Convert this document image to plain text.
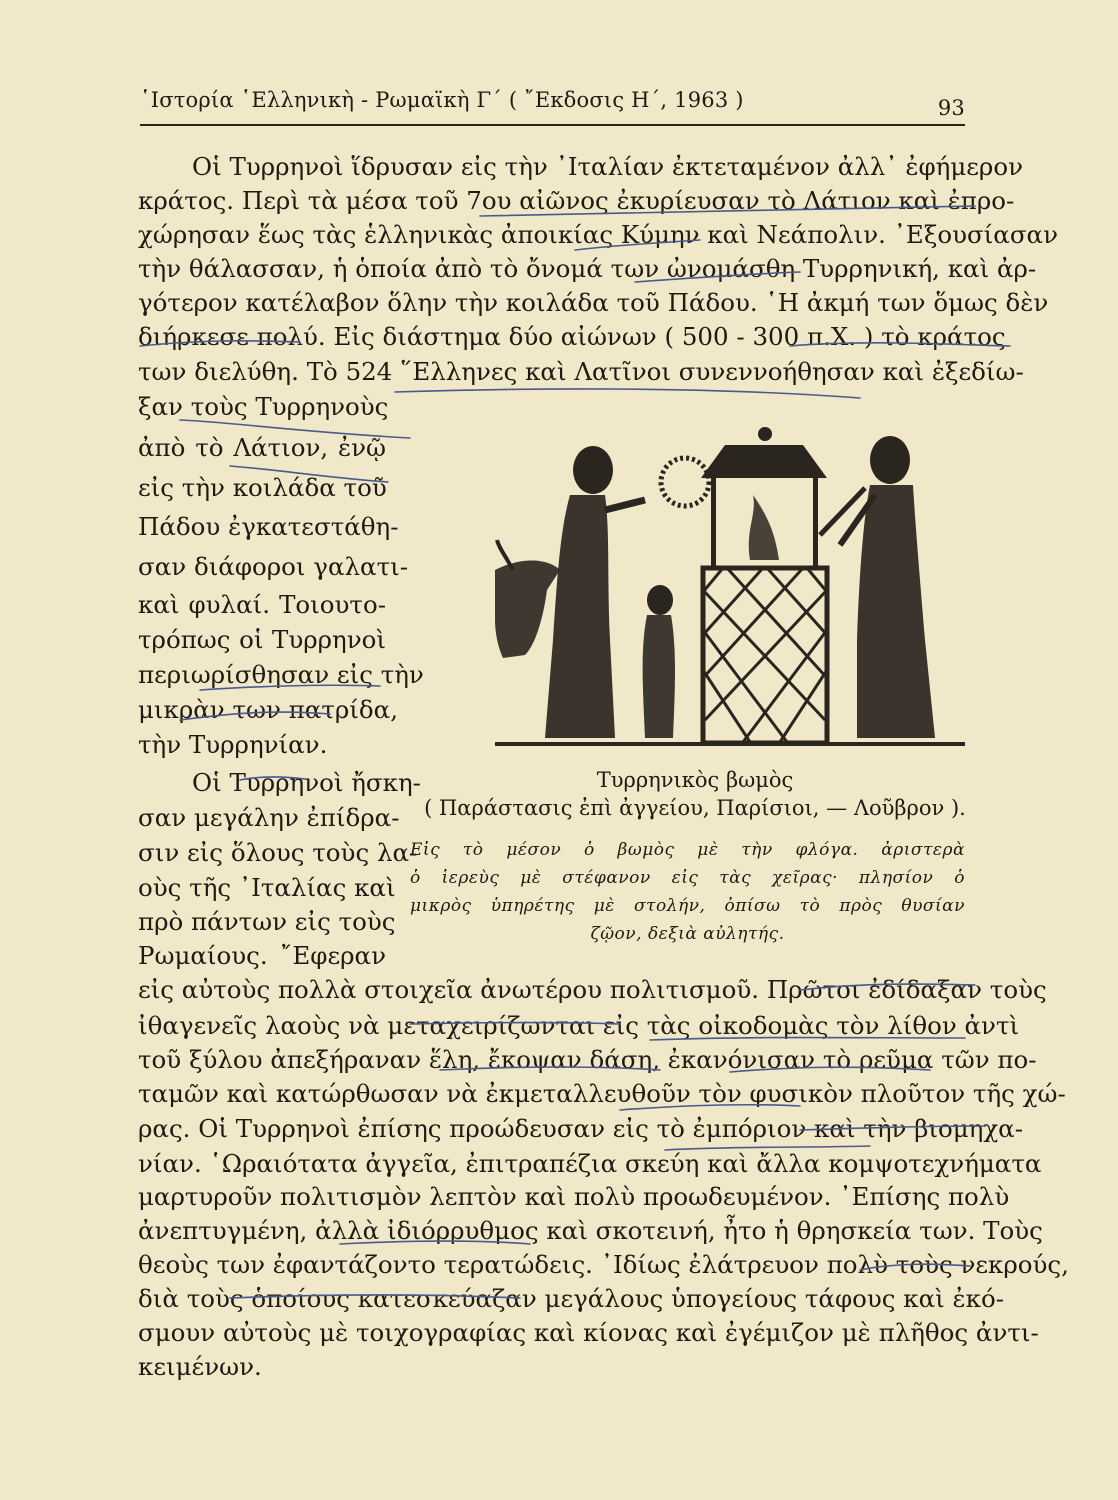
῾Ιστορία ῾Ελληνικὴ - Ρωμαϊκὴ Γ΄ ( ῎Εκδοσις Η΄, 1963 )	93
Οἱ Τυρρηνοὶ ἵδρυσαν εἰς τὴν ᾽Ιταλίαν ἐκτεταμένον ἀλλ᾽ ἐφήμερον
κράτος. Περὶ τὰ μέσα τοῦ 7ου αἰῶνος ἐκυρίευσαν τὸ Λάτιον καὶ ἐπρο-
χώρησαν ἕως τὰς ἑλληνικὰς ἀποικίας Κύμην καὶ Νεάπολιν. ᾽Εξουσίασαν
τὴν θάλασσαν, ἡ ὁποία ἀπὸ τὸ ὄνομά των ὠνομάσθη Τυρρηνική, καὶ ἀρ-
γότερον κατέλαβον ὅλην τὴν κοιλάδα τοῦ Πάδου. ῾Η ἀκμή των ὅμως δὲν
διήρκεσε πολύ. Εἰς διάστημα δύο αἰώνων ( 500 - 300 π.Χ. ) τὸ κράτος
των διελύθη. Τὸ 524 ῞Ελληνες καὶ Λατῖνοι συνεννοήθησαν καὶ ἐξεδίω-
ξαν τοὺς Τυρρηνοὺς
ἀπὸ τὸ Λάτιον, ἐνῷ
εἰς τὴν κοιλάδα τοῦ
Πάδου ἐγκατεστάθη-
σαν διάφοροι γαλατι-
καὶ φυλαί. Τοιουτο-
τρόπως οἱ Τυρρηνοὶ
περιωρίσθησαν εἰς τὴν
μικρὰν των πατρίδα,
τὴν Τυρρηνίαν.
Οἱ Τυρρηνοὶ ἤσκη-
σαν μεγάλην ἐπίδρα-
σιν εἰς ὅλους τοὺς λα-
οὺς τῆς ᾽Ιταλίας καὶ
πρὸ πάντων εἰς τοὺς
Ρωμαίους. ῎Εφεραν
Τυρρηνικὸς βωμὸς
( Παράστασις ἐπὶ ἀγγείου, Παρίσιοι, — Λοῦβρον ).
Εἰς τὸ μέσον ὁ βωμὸς μὲ τὴν φλόγα. ἀριστερὰ
ὁ ἱερεὺς μὲ στέφανον εἰς τὰς χεῖρας· πλησίον ὁ
μικρὸς ὑπηρέτης μὲ στολήν, ὀπίσω τὸ πρὸς θυσίαν
ζῷον, δεξιὰ αὐλητής.
εἰς αὐτοὺς πολλὰ στοιχεῖα ἀνωτέρου πολιτισμοῦ. Πρῶτοι ἐδίδαξαν τοὺς
ἰθαγενεῖς λαοὺς νὰ μεταχειρίζωνται εἰς τὰς οἰκοδομὰς τὸν λίθον ἀντὶ
τοῦ ξύλου ἀπεξήραναν ἕλη, ἔκοψαν δάση, ἐκανόνισαν τὸ ρεῦμα τῶν πο-
ταμῶν καὶ κατώρθωσαν νὰ ἐκμεταλλευθοῦν τὸν φυσικὸν πλοῦτον τῆς χώ-
ρας. Οἱ Τυρρηνοὶ ἐπίσης προώδευσαν εἰς τὸ ἐμπόριον καὶ τὴν βιομηχα-
νίαν. ῾Ωραιότατα ἀγγεῖα, ἐπιτραπέζια σκεύη καὶ ἄλλα κομψοτεχνήματα
μαρτυροῦν πολιτισμὸν λεπτὸν καὶ πολὺ προωδευμένον. ᾽Επίσης πολὺ
ἀνεπτυγμένη, ἀλλὰ ἰδιόρρυθμος καὶ σκοτεινή, ἦτο ἡ θρησκεία των. Τοὺς
θεοὺς των ἐφαντάζοντο τερατώδεις. ᾽Ιδίως ἐλάτρευον πολὺ τοὺς νεκρούς,
διὰ τοὺς ὁποίους κατεσκεύαζαν μεγάλους ὑπογείους τάφους καὶ ἐκό-
σμουν αὐτοὺς μὲ τοιχογραφίας καὶ κίονας καὶ ἐγέμιζον μὲ πλῆθος ἀντι-
κειμένων.
